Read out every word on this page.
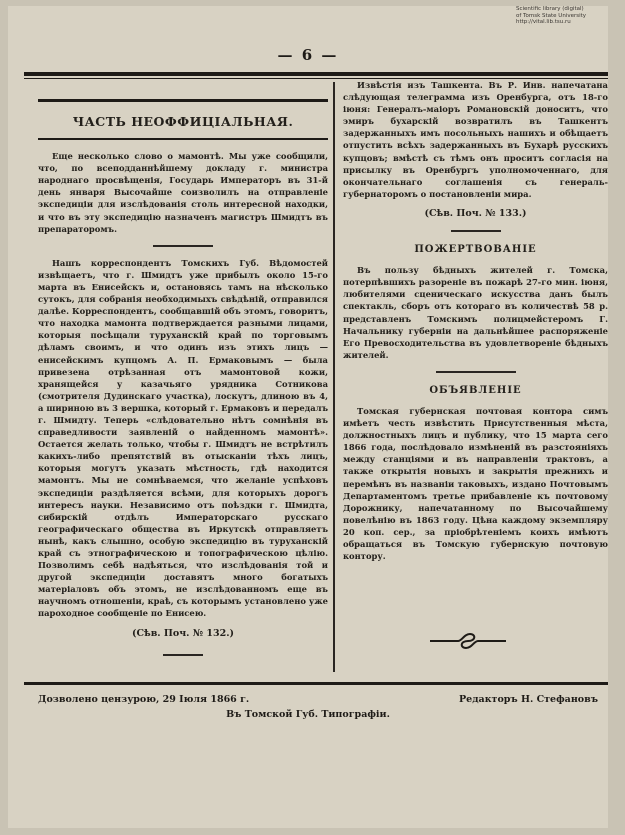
Scientific library (digital)
of Tomsk State University
http://vital.lib.tsu.ru
— 6 —
ЧАСТЬ НЕОФФИЦІАЛЬНАЯ.

Еще несколько слово о мамонтѣ. Мы уже сообщили, что, по всеподданнѣйшему докладу г. министра народнаго просвѣщенія, Государь Императоръ въ 31-й день января Высочайше соизволилъ на отправленіе экспедиціи для изслѣдованія столь интересной находки, и что въ эту экспедицію назначенъ магистръ Шмидтъ въ препараторомъ.

Нашъ корреспондентъ Томскихъ Губ. Вѣдомостей извѣщаетъ, что г. Шмидтъ уже прибылъ около 15-го марта въ Енисейскъ и, остановясь тамъ на нѣсколько сутокъ, для собранія необходимыхъ свѣдѣній, отправился далѣе. Корреспондентъ, сообщавшій объ этомъ, говоритъ, что находка мамонта подтверждается разными лицами, которыя посѣщали туруханскій край по торговымъ дѣламъ своимъ, и что одинъ изъ этихъ лицъ — енисейскимъ купцомъ А. П. Ермаковымъ — была привезена отрѣзанная отъ мамонтовой кожи, хранящейся у казачьяго урядника Сотникова (смотрителя Дудинскаго участка), лоскутъ, длиною въ 4, а шириною въ 3 вершка, который г. Ермаковъ и передалъ г. Шмидту. Теперь «слѣдовательно нѣтъ сомнѣнія въ справедливости заявленій о найденномъ мамонтѣ». Остается желать только, чтобы г. Шмидтъ не встрѣтилъ какихъ-либо препятствій въ отысканіи тѣхъ лицъ, которыя могутъ указать мѣстность, гдѣ находится мамонтъ. Мы не сомнѣваемся, что желаніе успѣховъ экспедиціи раздѣляется всѣми, для которыхъ дорогъ интересъ науки. Независимо отъ поѣздки г. Шмидта, сибирскій отдѣлъ Императорскаго русскаго географическаго общества въ Иркутскѣ отправляетъ нынѣ, какъ слышно, особую экспедицію въ туруханскій край съ этнографическою и топографическою цѣлію. Позволимъ себѣ надѣяться, что изслѣдованія той и другой экспедиціи доставятъ много богатыхъ матеріаловъ объ этомъ, не изслѣдованномъ еще въ научномъ отношеніи, краѣ, съ которымъ установлено уже пароходное сообщеніе по Енисею.

(Сѣв. Поч. № 132.)

Извѣстія изъ Ташкента. Въ Р. Инв. напечатана слѣдующая телеграмма изъ Оренбурга, отъ 18-го іюня: Генералъ-маіоръ Романовскій доноситъ, что эмиръ бухарскій возвратилъ въ Ташкентъ задержанныхъ имъ посольныхъ нашихъ и обѣщаетъ отпустить всѣхъ задержанныхъ въ Бухарѣ русскихъ купцовъ; вмѣстѣ съ тѣмъ онъ проситъ согласія на присылку въ Оренбургъ уполномоченнаго, для окончательнаго соглашенія съ генераль-губернаторомъ о постановленіи мира.

(Сѣв. Поч. № 133.)
ПОЖЕРТВОВАНІЕ

Въ пользу бѣдныхъ жителей г. Томска, потерпѣвшихъ разореніе въ пожарѣ 27-го мин. іюня, любителями сценическаго искусства данъ былъ спектакль, сборъ отъ котораго въ количествѣ 58 р. представленъ Томскимъ полицмейстеромъ Г. Начальнику губерніи на дальнѣйшее распоряженіе Его Превосходительства въ удовлетвореніе бѣдныхъ жителей.

ОБЪЯВЛЕНІЕ

Томская губернская почтовая контора симъ имѣетъ честь извѣстить Присутственныя мѣста, должностныхъ лицъ и публику, что 15 марта сего 1866 года, послѣдовало измѣненій въ разстояніяхъ между станціями и въ направленіи трактовъ, а также открытія новыхъ и закрытія прежнихъ и перемѣнъ въ названіи таковыхъ, издано Почтовымъ Департаментомъ третье прибавленіе къ почтовому Дорожнику, напечатанному по Высочайшему повелѣнію въ 1863 году. Цѣна каждому экземпляру 20 коп. сер., за пріобрѣтеніемъ коихъ имѣютъ обращаться въ Томскую губернскую почтовую контору.

Дозволено цензурою, 29 Іюля 1866 г.	Редакторъ Н. Стефановъ
Въ Томской Губ. Типографіи.
